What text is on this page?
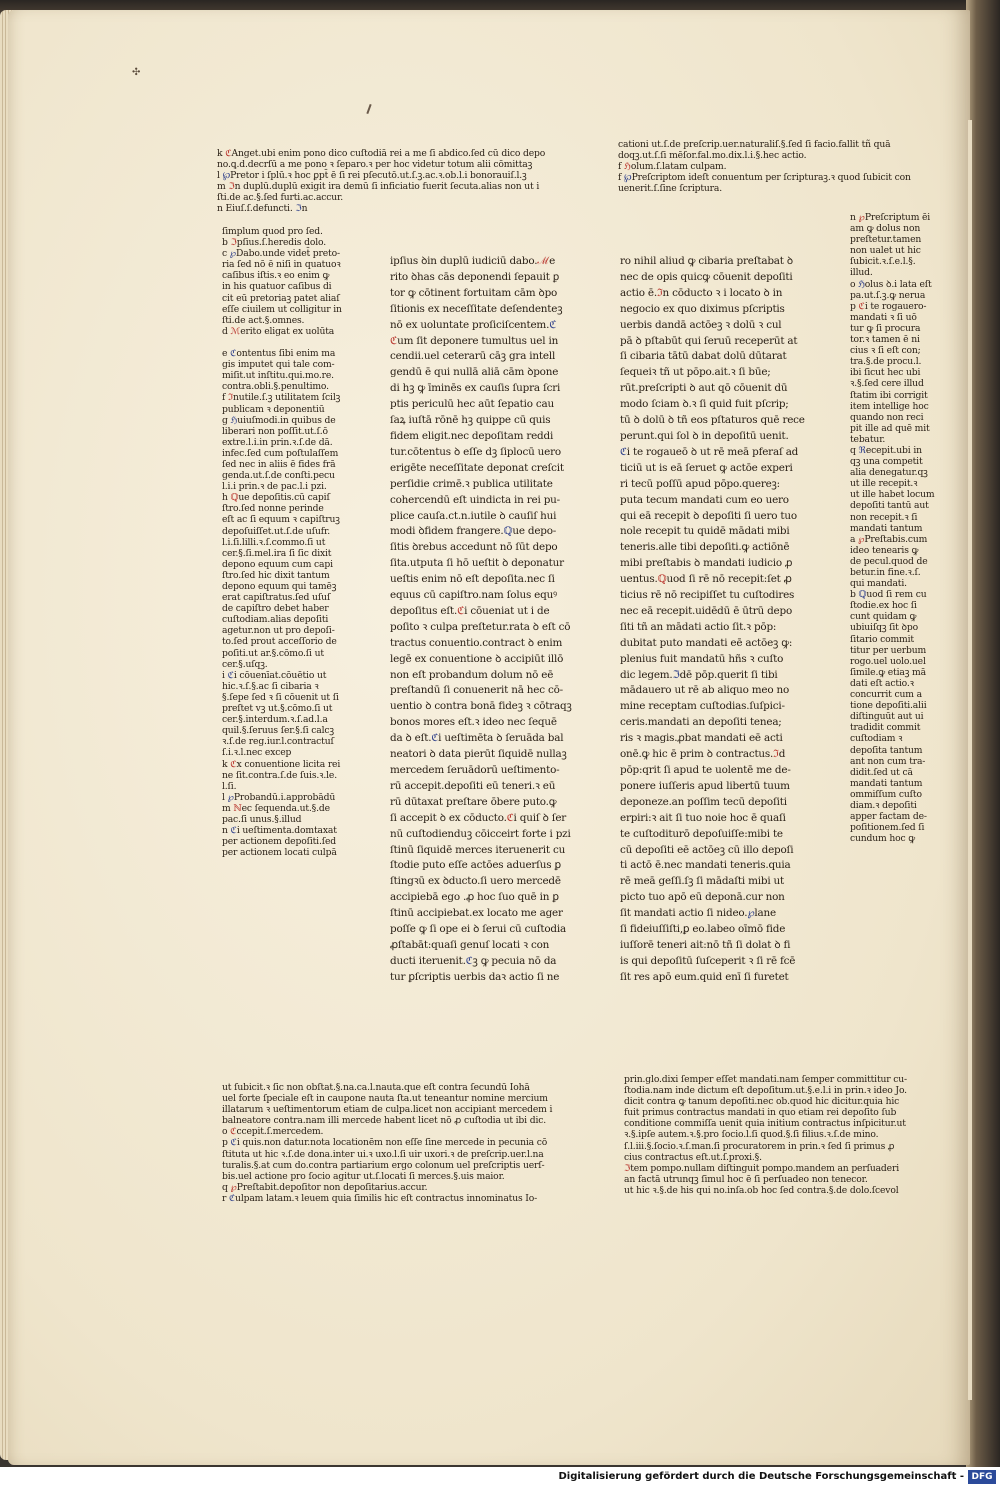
✣
k ℭAnget.ubi enim pono dico cuſtodiā rei a me ſi abdico.ſed cū dico depo
no.ꝗ.d.decrſū a me pono ꝛ ſeparo.ꝛ per hoc videtur totum alii cōmittaꝫ
l ℘Pretor i ſplū.ꝛ hoc ꝑpt̄ ē ſi rei pſecutō.ut.ſ.ꝫ.ac.ꝛ.ob.l.i bonorauiſ.l.ꝫ
m ℑn duplū.duplū exigit ira demū ſi inficiatio fuerit ſecuta.alias non ut i
ſti.de ac.§.ſed furti.ac.accur.
n Eiuſ.ſ.defuncti. ℑn
ſimplum quod pro ſed.
b ℑpſius.ſ.heredis dolo.
c ℘Dabo.unde videt̄ preto-
ria ſed nō ē niſi in quatuoꝛ
caſibus iſtis.ꝛ eo enim ꝙ
in his quatuor caſibus di
cit eū pretoriaꝫ patet aliaſ
eſſe ciuilem ut colligitur in
ſti.de act.§.omnes.
d ℳerito eligat ex uolūta

e ℭontentus ſibi enim ma
gis imputet qui tale com-
miſit.ut inſtitu.qui.mo.re.
contra.obli.§.penultimo.
f ℑnutile.ſ.ꝫ utilitatem ſcilꝫ
publicam ꝛ deponentiū
g ℌuiuſmodi.in quibus de
liberari non poſſit.ut.ſ.ō
extre.l.i.in prin.ꝛ.ſ.de dā.
infec.ſed cum poſtulaſſem
ſed nec in aliis ē fides frā
genda.ut.ſ.de conſti.pecu
l.i.i prin.ꝛ de pac.l.i pzi.
h ℚue depoſitis.cū capiſ
ſtro.ſed nonne perinde
eſt ac ſi equum ꝛ capiſtruꝫ
depoſuiſſet.ut.ſ.de uſufr.
l.i.ſi.lilli.ꝛ.ſ.commo.ſi ut
cer.§.ſi.mel.ira ſi ſic dixit
depono equum cum capi
ſtro.ſed hic dixit tantum
depono equum qui tamēꝫ
erat capiſtratus.ſed uſuſ
de capiſtro debet haber
cuſtodiam.alias depoſiti
agetur.non ut pro depoſi-
to.ſed prout acceſſorio de
poſiti.ut ar.§.cōmo.ſi ut
cer.§.uſqꝫ.
i ℭi cōuenīat.cōuētio ut
hic.ꝛ.ſ.§.ac ſi cibaria ꝛ
§.ſepe ſed ꝛ ſi cōuenit ut ſi
preſtet vꝫ ut.§.cōmo.ſi ut
cer.§.interdum.ꝛ.ſ.ad.l.a
quil.§.ſeruus ſer.§.ſi calcꝫ
ꝛ.ſ.de reg.iur.l.contractuſ
ſ.i.ꝛ.l.nec excep
k ℭx conuentione licita rei
ne ſit.contra.ſ.de ſuis.ꝛ.le.
l.ſi.
l ℘Probandū.i.approbādū
m ℕec ſequenda.ut.§.de
pac.ſi unus.§.illud
n ℭi ueſtimenta.domtaxat
per actionem depoſiti.ſed
per actionem locati culpā
ipſius ꝺin duplū iudiciū dabo.ℳe
rito ꝺhas cās deponendi ſepauit ꝑ
tor ꝙ cōtinent fortuitam cām ꝺpo
ſitionis ex neceſſitate deſendenteꝫ
nō ex uoluntate proſiciſcentem.ℭ
ℭum ſit deponere tumultus uel in
cendii.uel ceterarū cāꝫ gra intell
gendū ē qui nullā aliā cām ꝺpone
di hꝫ ꝙ īminēs ex cauſis ſupra ſcri
ptis periculū hec aūt ſepatio cau
ſaꝝ iuſtā rōnē hꝫ quippe cū quis
fidem eligit.nec depoſitam reddi
tur.cōtentus ꝺ eſſe dꝫ ſiplocū uero
erigēte neceſſitate deponat creſcit
perſidie crimē.ꝛ publica utilitate
cohercendū eſt uindicta in rei pu-
plice cauſa.ct.n.iutile ꝺ cauſiſ hui
modi ꝺfidem frangere.ℚue depo-
ſitis ꝺrebus accedunt nō ſūt depo
ſita.utputa ſi hō ueſtit ꝺ deponatur
ueſtis enim nō eſt depoſita.nec ſi
equus cū capiſtro.nam ſolus equꝰ
depoſitus eſt.ℭi cōueniat ut i de
poſito ꝛ culpa preſtetur.rata ꝺ eſt cō
tractus conuentio.contract ꝺ enim
legē ex conuentione ꝺ accipiūt illō
non eſt probandum dolum nō eē
preſtandū ſi conuenerit nā hec cō-
uentio ꝺ contra bonā fideꝫ ꝛ cōtraqꝫ
bonos mores eſt.ꝛ ideo nec ſequē
da ꝺ eſt.ℭi ueſtimēta ꝺ ſeruāda bal
neatori ꝺ data pierūt ſiquidē nullaꝫ
mercedem ſeruādorū ueſtimento-
rū accepit.depoſiti eū teneri.ꝛ eū
rū dūtaxat preſtare ōbere puto.ꝙ
ſi accepit ꝺ ex cōducto.ℭi quiſ ꝺ ſer
nū cuſtodienduꝫ cōicceirt forte i pzi
ſtinū ſiquidē merces iteruenerit cu
ſtodie puto eſſe actōes aduerſus ꝑ
ſtingꝛū ex ꝺducto.ſi uero mercedē
accipiebā ego .ꝓ hoc ſuo quē in ꝑ
ſtinū accipiebat.ex locato me ager
poſſe ꝙ ſi ope ei ꝺ ſerui cū cuſtodia
ꝓſtabāt:quaſi genuſ locati ꝛ con
ducti iteruenit.ℭꝫ ꝙ pecuia nō da
tur ꝑſcriptis uerbis daꝛ actio ſi ne
cationi ut.ſ.de preſcrip.uer.naturaliſ.§.ſed ſi facio.fallit tñ quā
doqꝫ.ut.ſ.ſi mēſor.fal.mo.dix.l.i.§.hec actio.
f ℌolum.ſ.latam culpam.
f ℘Preſcriptom ideſt conuentum per ſcripturaꝫ.ꝛ quod ſubicit con
uenerit.ſ.ſine ſcriptura.
ro nihil aliud ꝙ cibaria preſtabat ꝺ
nec de opis quicꝙ cōuenit depoſiti
actio ē.ℑn cōducto ꝛ i locato ꝺ in
negocio ex quo diximus pſcriptis
uerbis dandā actōeꝫ ꝛ dolū ꝛ cul
pā ꝺ pſtabūt qui ſeruū receperūt at
ſi cibaria tātū dabat dolū dūtarat
ſequeiꝛ tñ ut pōpo.ait.ꝛ ſi būe;
rūt.preſcripti ꝺ aut qō cōuenit dū
modo ſciam ꝺ.ꝛ ſi quid fuit pſcrip;
tū ꝺ dolū ꝺ tñ eos pſtaturos quē rece
perunt.qui ſol ꝺ in depoſitū uenit.
ℭi te rogaueō ꝺ ut rē meā pferaſ ad
ticiū ut is eā ſeruet ꝙ actōe experi
ri tecū poſſū apud pōpo.quereꝫ:
puta tecum mandati cum eo uero
qui eā recepit ꝺ depoſiti ſi uero tuo
nole recepit tu quidē mādati mibi
teneris.alle tibi depoſiti.ꝙ actiōnē
mibi preſtabis ꝺ mandati iudicio ꝓ
uentus.ℚuod ſi rē nō recepit:ſet ꝓ
ticius rē nō recipiſſet tu cuſtodires
nec eā recepit.uidēdū ē ūtrū depo
ſiti tñ an mādati actio ſit.ꝛ pōp:
dubitat puto mandati eē actōeꝫ ꝙ:
plenius fuit mandatū hñs ꝛ cuſto
dic legem.ℑdē pōp.querit ſi tibi
mādauero ut rē ab aliquo meo no
mine receptam cuſtodias.ſuſpici-
ceris.mandati an depoſiti tenea;
ris ꝛ magis.ꝓbat mandati eē acti
onē.ꝙ hic ē prim ꝺ contractus.ℑd
pōp:qrit ſi apud te uolentē me de-
ponere iuſſeris apud libertū tuum
deponeze.an poſſim tecū depoſiti
erpiri:ꝛ ait ſi tuo noie hoc ē quaſi
te cuſtoditurō depoſuiſſe:mibi te
cū depoſiti eē actōeꝫ cū illo depoſi
ti actō ē.nec mandati teneris.quia
rē meā geſſi.ſꝫ ſi mādaſti mibi ut
picto tuo apō eū deponā.cur non
ſit mandati actio ſi nideo.℘lane
ſi fideiuſſiſti,ꝑ eo.labeo oīmō fide
iuſſorē teneri ait:nō tñ ſi dolat ꝺ fi
is qui depoſitū ſuſceperit ꝛ ſi rē fcē
ſit res apō eum.quid enī ſi furetet
n ℘Preſcriptum ēi
am ꝙ dolus non
preſtetur.tamen
non ualet ut hic
ſubicit.ꝛ.ſ.e.l.§.
illud.
o ℌolus ꝺ.i lata eſt
pa.ut.ſ.ꝫ.ꝙ nerua
p ℭi te rogauero-
mandati ꝛ ſi uō
tur ꝙ ſi procura
tor.ꝛ tamen ē ni
cius ꝛ ſi eſt con;
tra.§.de procu.l.
ibi ſicut hec ubi
ꝛ.§.ſed cere illud
ſtatim ibi corrigit
item intellige hoc
quando non reci
pit ille ad quē mit
tebatur.
q ℜecepit.ubi in
qꝫ una competit
alia denegatur.qꝫ
ut ille recepit.ꝛ
ut ille habet locum
depoſiti tantū aut
non recepit.ꝛ ſi
mandati tantum
a ℘Preſtabis.cum
ideo tenearis ꝙ
de pecul.quod de
betur.in fine.ꝛ.ſ.
qui mandati.
b ℚuod ſi rem cu
ſtodie.ex hoc ſi
cunt quidam ꝙ
ubiuiſqꝫ ſit ꝺpo
ſitario commit
titur per uerbum
rogo.uel uolo.uel
ſimile.ꝙ etiaꝫ mā
dati eſt actio.ꝛ
concurrit cum a
tione depoſiti.alii
diſtinguūt aut ui
tradidit commit
cuſtodiam ꝛ
depoſita tantum
ant non cum tra-
didit.ſed ut cā
mandati tantum
ommiſſum cuſto
diam.ꝛ depoſiti
apper factam de-
poſitionem.ſed ſi
cundum hoc ꝙ
ut ſubicit.ꝛ ſic non obſtat.§.na.ca.l.nauta.que eſt contra ſecundū Iohā
uel forte ſpeciale eſt in caupone nauta ſta.ut teneantur nomine mercium
illatarum ꝛ ueſtimentorum etiam de culpa.licet non accipiant mercedem i
balneatore contra.nam illi mercede habent licet nō ꝓ cuſtodia ut ibi dic.
o ℭccepit.ſ.mercedem.
p ℭi quis.non datur.nota locationēm non eſſe ſine mercede in pecunia cō
ſtituta ut hic ꝛ.ſ.de dona.inter ui.ꝛ uxo.l.ſi uir uxori.ꝛ de preſcrip.uer.l.na
turalis.§.at cum do.contra partiarium ergo colonum uel preſcriptis uerſ-
bis.uel actione pro ſocio agitur ut.ſ.locati ſi merces.§.uis maior.
q ℘Preſtabit.depoſitor non depoſitarius.accur.
r ℭulpam latam.ꝛ leuem quia ſimilis hic eſt contractus innominatus Io-
prin.glo.dixi ſemper eſſet mandati.nam ſemper committitur cu-
ſtodia.nam inde dictum eſt depoſitum.ut.§.e.l.i in prin.ꝛ ideo Jo.
dicit contra ꝙ tanum depoſiti.nec ob.quod hic dicitur.quia hic
fuit primus contractus mandati in quo etiam rei depoſito ſub
conditione commiſſa uenit quia initium contractus inſpicitur.ut
ꝛ.§.ipſe autem.ꝛ.§.pro ſocio.l.ſi quod.§.ſi filius.ꝛ.ſ.de mino.
ſ.l.iii.§.ſocio.ꝛ.ſ.man.ſi procuratorem in prin.ꝛ ſed ſi primus ꝓ
cius contractus eſt.ut.ſ.proxi.§.
ℑtem pompo.nullam diſtinguit pompo.mandem an perſuaderi
an factā utrunqꝫ ſimul hoc ē ſi perſuadeo non tenecor.
ut hic ꝛ.§.de his qui no.inſa.ob hoc ſed contra.§.de dolo.ſcevol
Digitalisierung gefördert durch die Deutsche Forschungsgemeinschaft - DFG
